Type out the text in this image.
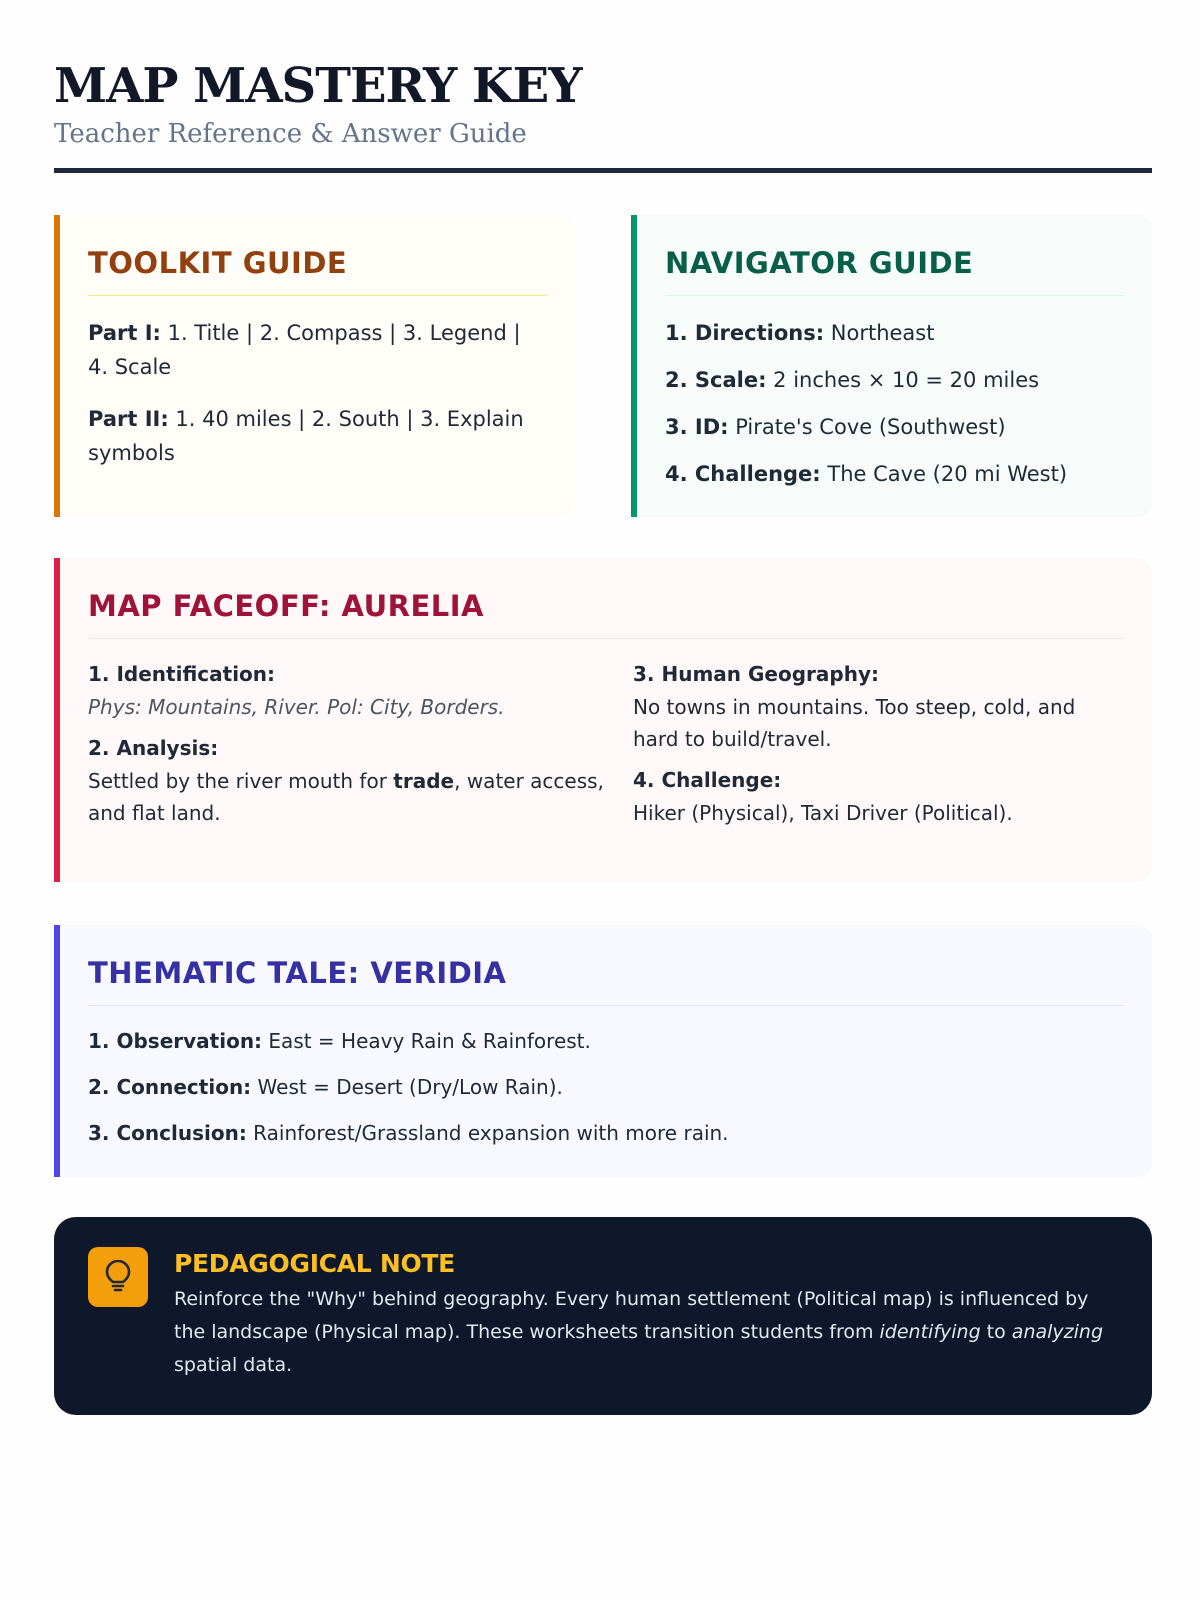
MAP MASTERY KEY
Teacher Reference & Answer Guide
TOOLKIT GUIDE

Part I: 1. Title | 2. Compass | 3. Legend | 4. Scale

Part II: 1. 40 miles | 2. South | 3. Explain symbols

NAVIGATOR GUIDE

1. Directions: Northeast

2. Scale: 2 inches × 10 = 20 miles

3. ID: Pirate's Cove (Southwest)

4. Challenge: The Cave (20 mi West)

MAP FACEOFF: AURELIA
1. Identification:

Phys: Mountains, River. Pol: City, Borders.

2. Analysis:

Settled by the river mouth for trade, water access, and flat land.

3. Human Geography:

No towns in mountains. Too steep, cold, and hard to build/travel.

4. Challenge:

Hiker (Physical), Taxi Driver (Political).

THEMATIC TALE: VERIDIA

1. Observation: East = Heavy Rain & Rainforest.

2. Connection: West = Desert (Dry/Low Rain).

3. Conclusion: Rainforest/Grassland expansion with more rain.

PEDAGOGICAL NOTE

Reinforce the "Why" behind geography. Every human settlement (Political map) is influenced by the landscape (Physical map). These worksheets transition students from identifying to analyzing spatial data.
